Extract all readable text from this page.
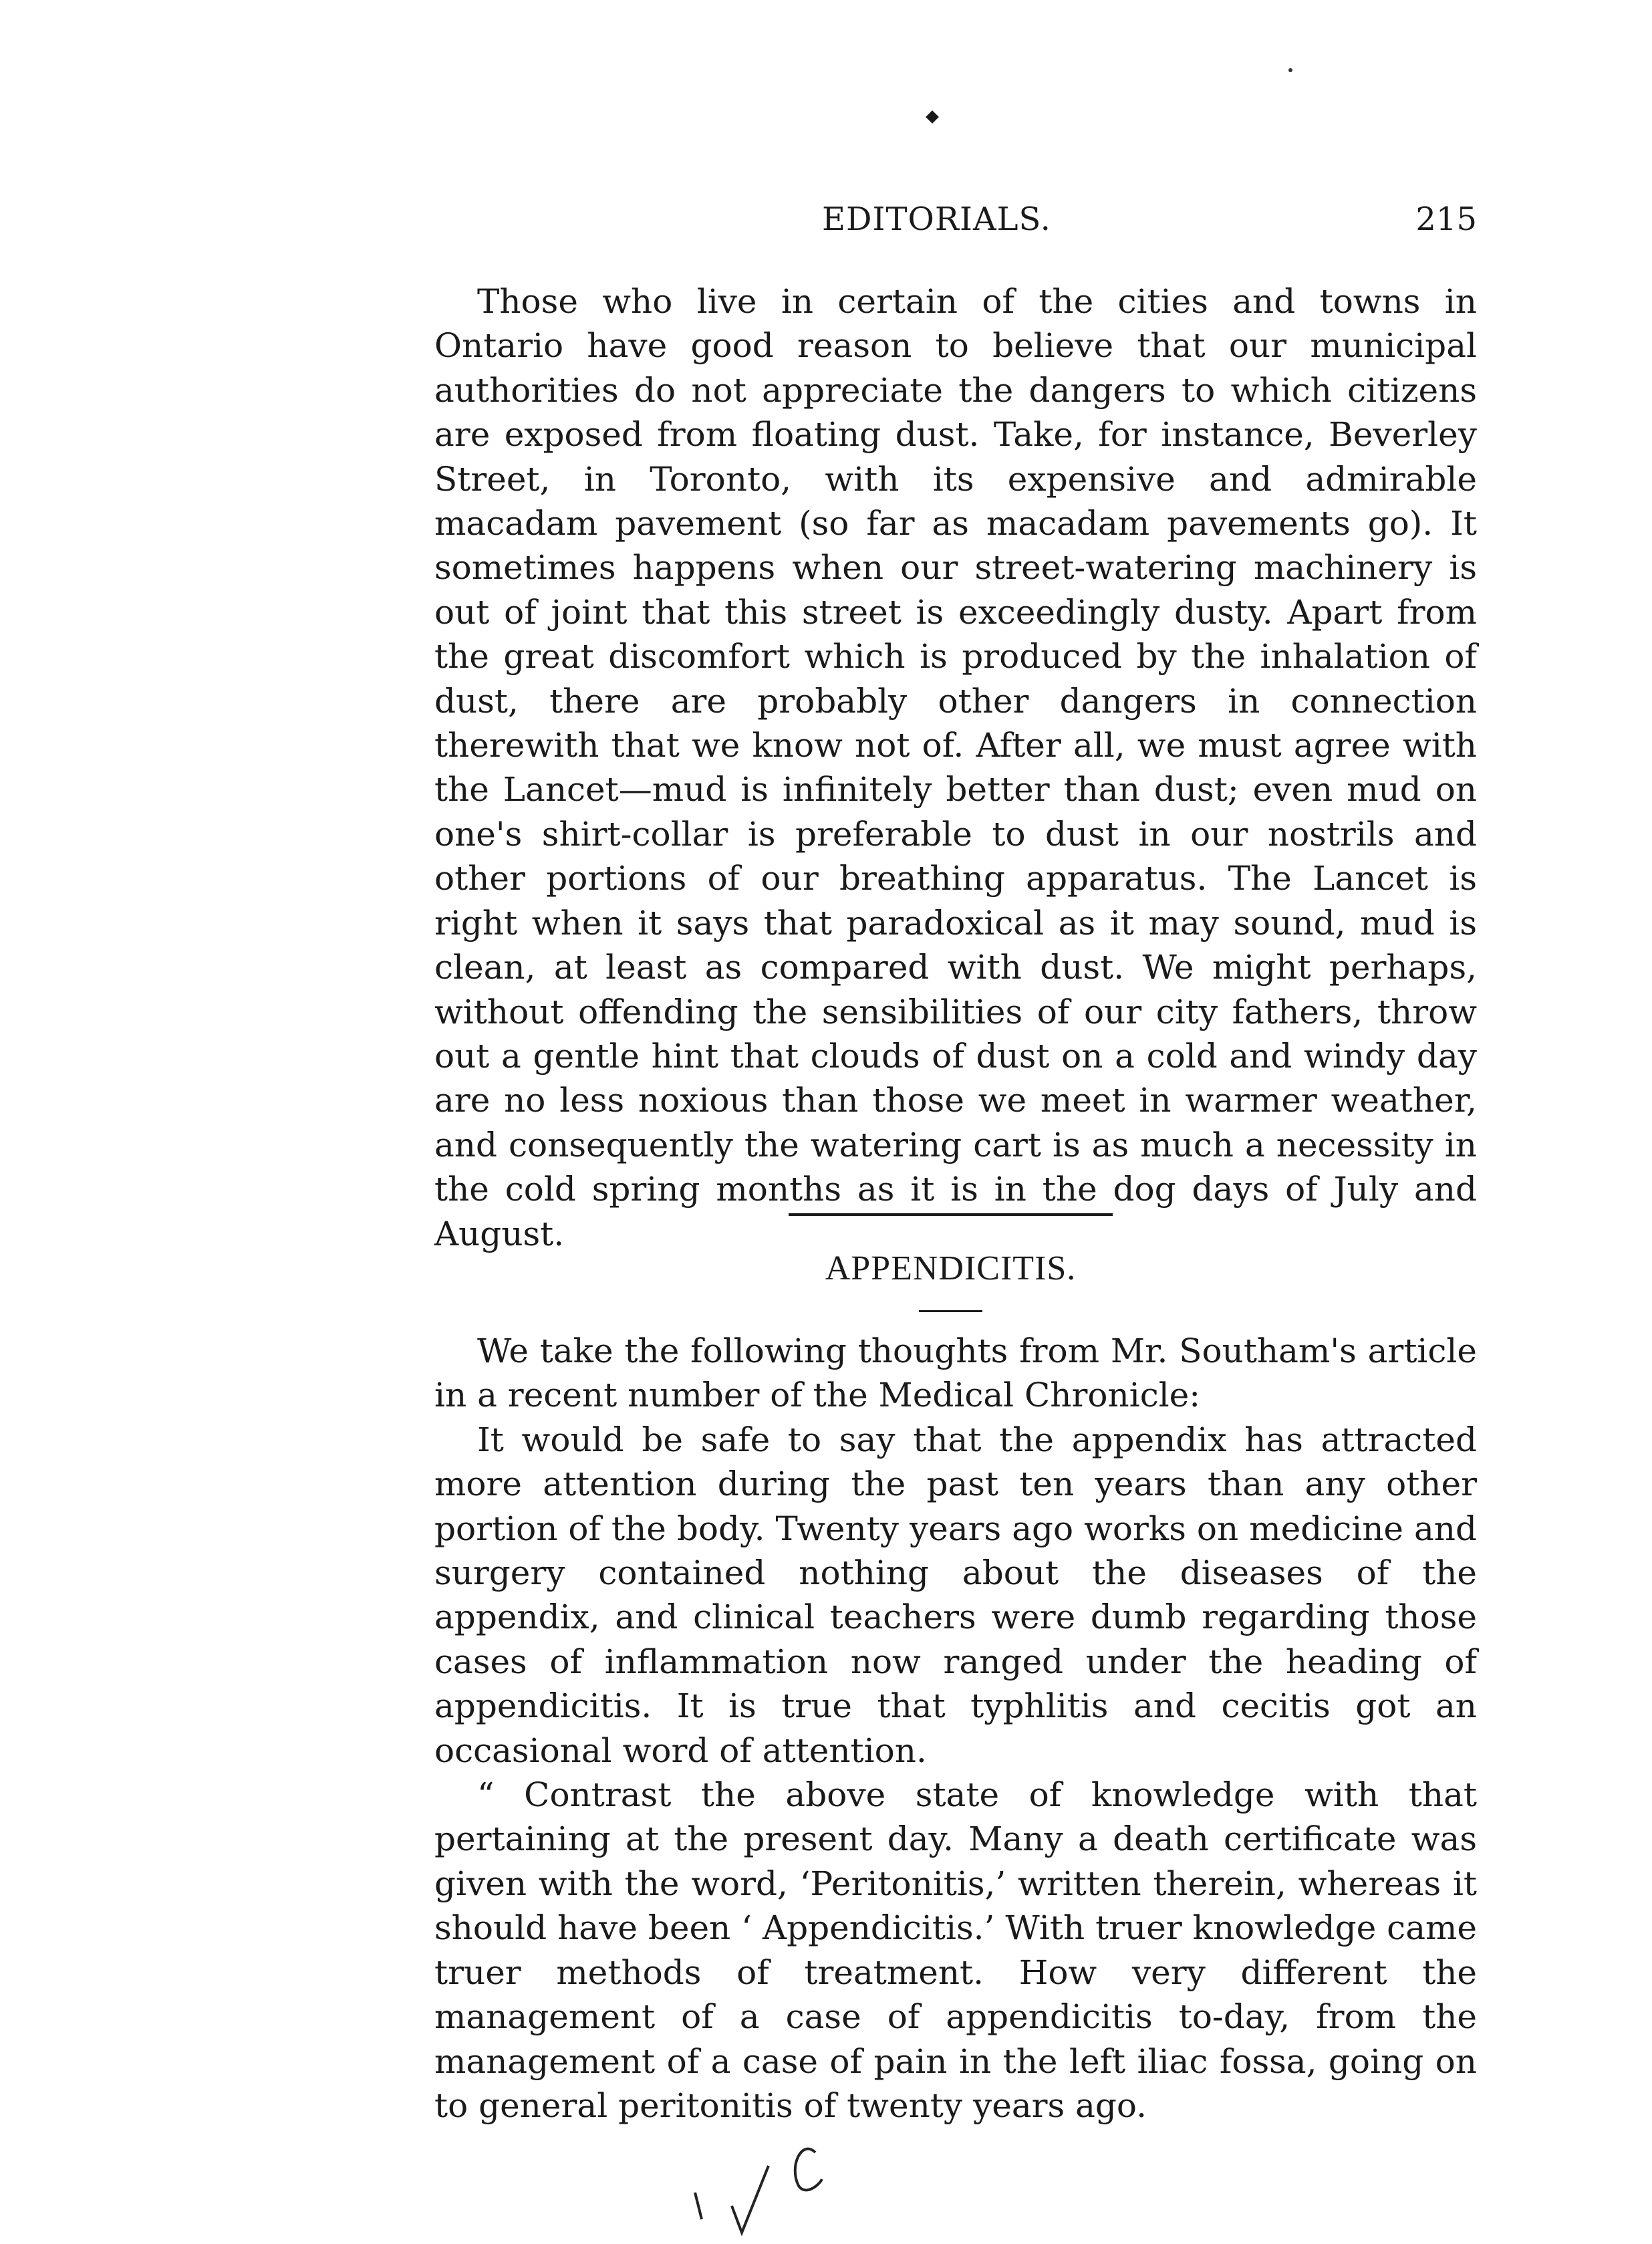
EDITORIALS.	215

Those who live in certain of the cities and towns in Ontario have good reason to believe that our municipal authorities do not appreciate the dangers to which citizens are exposed from floating dust. Take, for instance, Beverley Street, in Toronto, with its expensive and admirable macadam pavement (so far as macadam pavements go). It sometimes happens when our street-watering machinery is out of joint that this street is exceedingly dusty. Apart from the great discomfort which is produced by the inhalation of dust, there are probably other dangers in connection therewith that we know not of. After all, we must agree with the Lancet—mud is infinitely better than dust; even mud on one's shirt-collar is preferable to dust in our nostrils and other portions of our breathing apparatus. The Lancet is right when it says that paradoxical as it may sound, mud is clean, at least as compared with dust. We might perhaps, without offending the sensibilities of our city fathers, throw out a gentle hint that clouds of dust on a cold and windy day are no less noxious than those we meet in warmer weather, and consequently the watering cart is as much a necessity in the cold spring months as it is in the dog days of July and August.

APPENDICITIS.

We take the following thoughts from Mr. Southam's article in a recent number of the Medical Chronicle:

It would be safe to say that the appendix has attracted more attention during the past ten years than any other portion of the body. Twenty years ago works on medicine and surgery contained nothing about the diseases of the appendix, and clinical teachers were dumb regarding those cases of inflammation now ranged under the heading of appendicitis. It is true that typhlitis and cecitis got an occasional word of attention.

“ Contrast the above state of knowledge with that pertaining at the present day. Many a death certificate was given with the word, ‘Peritonitis,’ written therein, whereas it should have been ‘ Appendicitis.’ With truer knowledge came truer methods of treatment. How very different the management of a case of appendicitis to-day, from the management of a case of pain in the left iliac fossa, going on to general peritonitis of twenty years ago.
